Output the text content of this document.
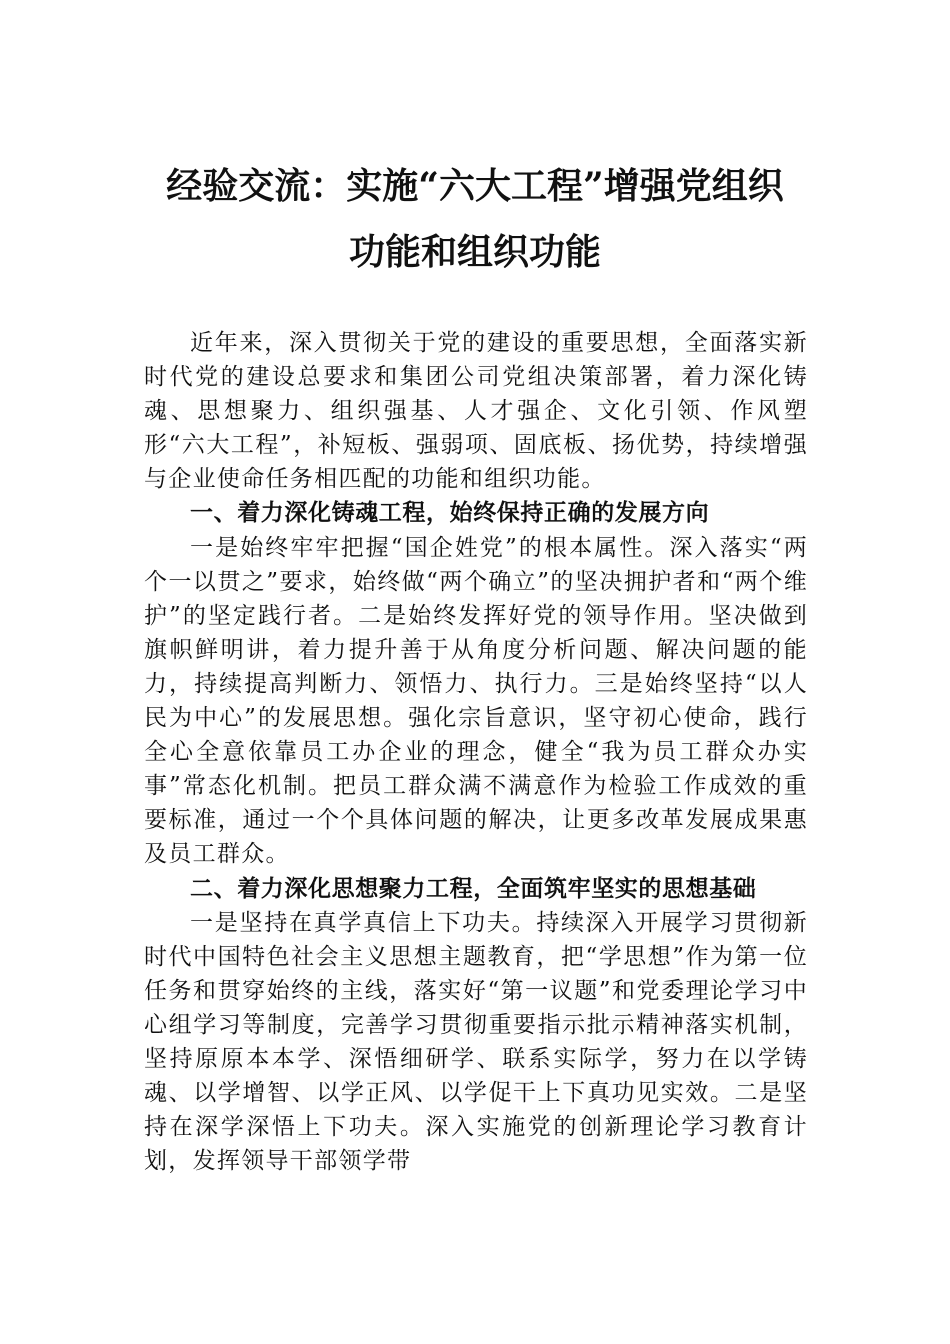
经验交流：实施“六大工程”增强党组织
功能和组织功能

近年来，深入贯彻关于党的建设的重要思想，全面落实新时代党的建设总要求和集团公司党组决策部署，着力深化铸魂、思想聚力、组织强基、人才强企、文化引领、作风塑形“六大工程”，补短板、强弱项、固底板、扬优势，持续增强与企业使命任务相匹配的功能和组织功能。

一、着力深化铸魂工程，始终保持正确的发展方向

一是始终牢牢把握“国企姓党”的根本属性。深入落实“两个一以贯之”要求，始终做“两个确立”的坚决拥护者和“两个维护”的坚定践行者。二是始终发挥好党的领导作用。坚决做到旗帜鲜明讲，着力提升善于从角度分析问题、解决问题的能力，持续提高判断力、领悟力、执行力。三是始终坚持“以人民为中心”的发展思想。强化宗旨意识，坚守初心使命，践行全心全意依靠员工办企业的理念，健全“我为员工群众办实事”常态化机制。把员工群众满不满意作为检验工作成效的重要标准，通过一个个具体问题的解决，让更多改革发展成果惠及员工群众。

二、着力深化思想聚力工程，全面筑牢坚实的思想基础

一是坚持在真学真信上下功夫。持续深入开展学习贯彻新时代中国特色社会主义思想主题教育，把“学思想”作为第一位任务和贯穿始终的主线，落实好“第一议题”和党委理论学习中心组学习等制度，完善学习贯彻重要指示批示精神落实机制，坚持原原本本学、深悟细研学、联系实际学，努力在以学铸魂、以学增智、以学正风、以学促干上下真功见实效。二是坚持在深学深悟上下功夫。深入实施党的创新理论学习教育计划，发挥领导干部领学带
